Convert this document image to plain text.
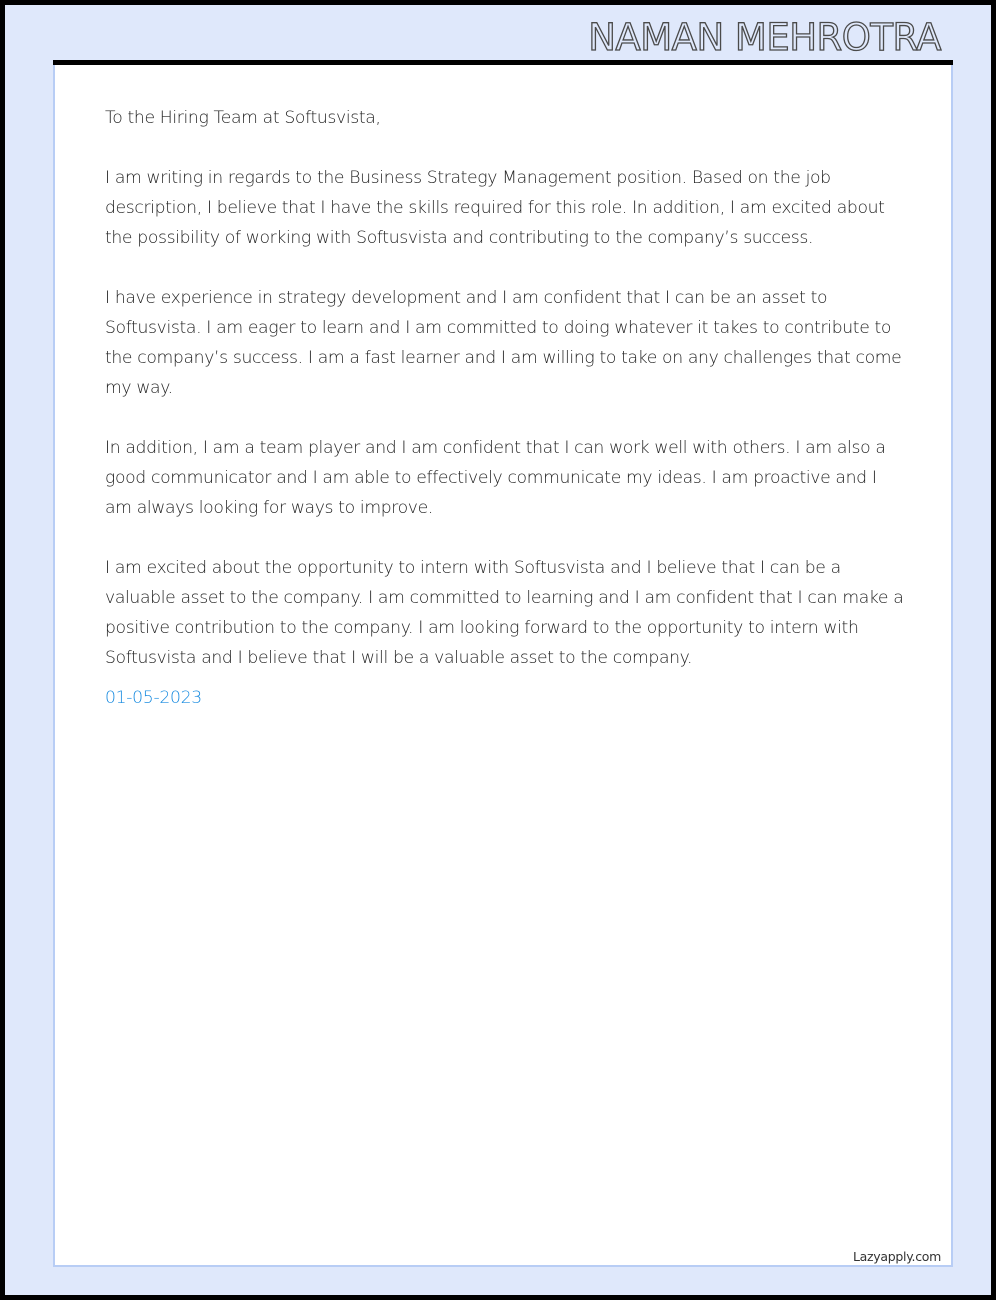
NAMAN MEHROTRA

To the Hiring Team at Softusvista,

I am writing in regards to the Business Strategy Management position. Based on the job description, I believe that I have the skills required for this role. In addition, I am excited about the possibility of working with Softusvista and contributing to the company’s success.

I have experience in strategy development and I am confident that I can be an asset to Softusvista. I am eager to learn and I am committed to doing whatever it takes to contribute to the company’s success. I am a fast learner and I am willing to take on any challenges that come my way.

In addition, I am a team player and I am confident that I can work well with others. I am also a good communicator and I am able to effectively communicate my ideas. I am proactive and I am always looking for ways to improve.

I am excited about the opportunity to intern with Softusvista and I believe that I can be a valuable asset to the company. I am committed to learning and I am confident that I can make a positive contribution to the company. I am looking forward to the opportunity to intern with Softusvista and I believe that I will be a valuable asset to the company.

01-05-2023
Lazyapply.com
